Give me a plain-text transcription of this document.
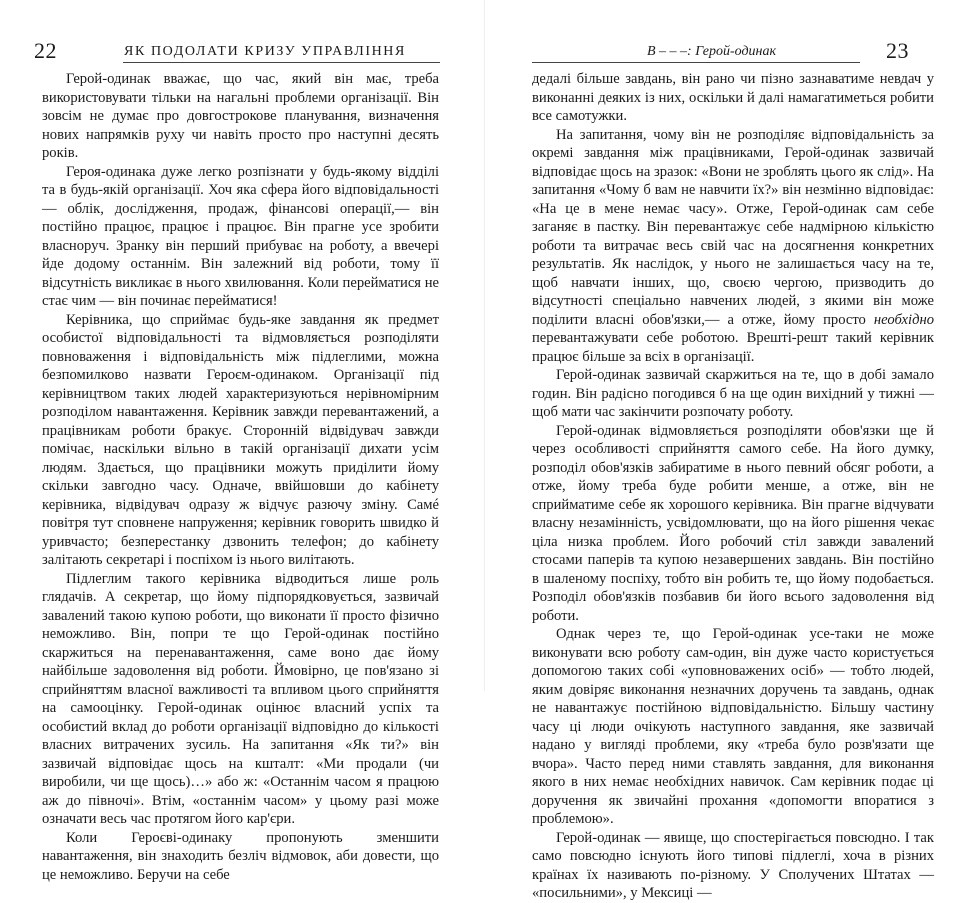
22	ЯК ПОДОЛАТИ КРИЗУ УПРАВЛІННЯ

Герой-одинак вважає, що час, який він має, треба використовувати тільки на нагальні проблеми організації. Він зовсім не думає про довгострокове планування, визначення нових напрямків руху чи навіть просто про наступні десять років.

Героя-одинака дуже легко розпізнати у будь-якому відділі та в будь-якій організації. Хоч яка сфера його відповідальності — облік, дослідження, продаж, фінансові операції,— він постійно працює, працює і працює. Він прагне усе зробити власноруч. Зранку він перший прибуває на роботу, а ввечері йде додому останнім. Він залежний від роботи, тому її відсутність викликає в нього хвилювання. Коли перейматися не стає чим — він починає перейматися!

Керівника, що сприймає будь-яке завдання як предмет особистої відповідальності та відмовляється розподіляти повноваження і відповідальність між підлеглими, можна безпомилково назвати Героєм-одинаком. Організації під керівництвом таких людей характеризуються нерівномірним розподілом навантаження. Керівник завжди перевантажений, а працівникам роботи бракує. Сторонній відвідувач завжди помічає, наскільки вільно в такій організації дихати усім людям. Здається, що працівники можуть приділити йому скільки завгодно часу. Одначе, ввійшовши до кабінету керівника, відвідувач одразу ж відчує разючу зміну. Самé повітря тут сповнене напруження; керівник говорить швидко й уривчасто; безперестанку дзвонить телефон; до кабінету залітають секретарі і поспіхом із нього вилітають.

Підлеглим такого керівника відводиться лише роль глядачів. А секретар, що йому підпорядковується, зазвичай завалений такою купою роботи, що виконати її просто фізично неможливо. Він, попри те що Герой-одинак постійно скаржиться на перенавантаження, саме воно дає йому найбільше задоволення від роботи. Ймовірно, це пов'язано зі сприйняттям власної важливості та впливом цього сприйняття на самооцінку. Герой-одинак оцінює власний успіх та особистий вклад до роботи організації відповідно до кількості власних витрачених зусиль. На запитання «Як ти?» він зазвичай відповідає щось на кшталт: «Ми продали (чи виробили, чи ще щось)…» або ж: «Останнім часом я працюю аж до півночі». Втім, «останнім часом» у цьому разі може означати весь час протягом його кар'єри.

Коли Героєві-одинаку пропонують зменшити навантаження, він знаходить безліч відмовок, аби довести, що це неможливо. Беручи на себе

B – – –: Герой-одинак	23

дедалі більше завдань, він рано чи пізно зазнаватиме невдач у виконанні деяких із них, оскільки й далі намагатиметься робити все самотужки.

На запитання, чому він не розподіляє відповідальність за окремі завдання між працівниками, Герой-одинак зазвичай відповідає щось на зразок: «Вони не зроблять цього як слід». На запитання «Чому б вам не навчити їх?» він незмінно відповідає: «На це в мене немає часу». Отже, Герой-одинак сам себе заганяє в пастку. Він перевантажує себе надмірною кількістю роботи та витрачає весь свій час на досягнення конкретних результатів. Як наслідок, у нього не залишається часу на те, щоб навчати інших, що, своєю чергою, призводить до відсутності спеціально навчених людей, з якими він може поділити власні обов'язки,— а отже, йому просто необхідно перевантажувати себе роботою. Врешті-решт такий керівник працює більше за всіх в організації.

Герой-одинак зазвичай скаржиться на те, що в добі замало годин. Він радісно погодився б на ще один вихідний у тижні — щоб мати час закінчити розпочату роботу.

Герой-одинак відмовляється розподіляти обов'язки ще й через особливості сприйняття самого себе. На його думку, розподіл обов'язків забиратиме в нього певний обсяг роботи, а отже, йому треба буде робити менше, а отже, він не сприйматиме себе як хорошого керівника. Він прагне відчувати власну незамінність, усвідомлювати, що на його рішення чекає ціла низка проблем. Його робочий стіл завжди завалений стосами паперів та купою незавершених завдань. Він постійно в шаленому поспіху, тобто він робить те, що йому подобається. Розподіл обов'язків позбавив би його всього задоволення від роботи.

Однак через те, що Герой-одинак усе-таки не може виконувати всю роботу сам-один, він дуже часто користується допомогою таких собі «уповноважених осіб» — тобто людей, яким довіряє виконання незначних доручень та завдань, однак не навантажує постійною відповідальністю. Більшу частину часу ці люди очікують наступного завдання, яке зазвичай надано у вигляді проблеми, яку «треба було розв'язати ще вчора». Часто перед ними ставлять завдання, для виконання якого в них немає необхідних навичок. Сам керівник подає ці доручення як звичайні прохання «допомогти впоратися з проблемою».

Герой-одинак — явище, що спостерігається повсюдно. І так само повсюдно існують його типові підлеглі, хоча в різних країнах їх називають по-різному. У Сполучених Штатах — «посильними», у Мексиці —
